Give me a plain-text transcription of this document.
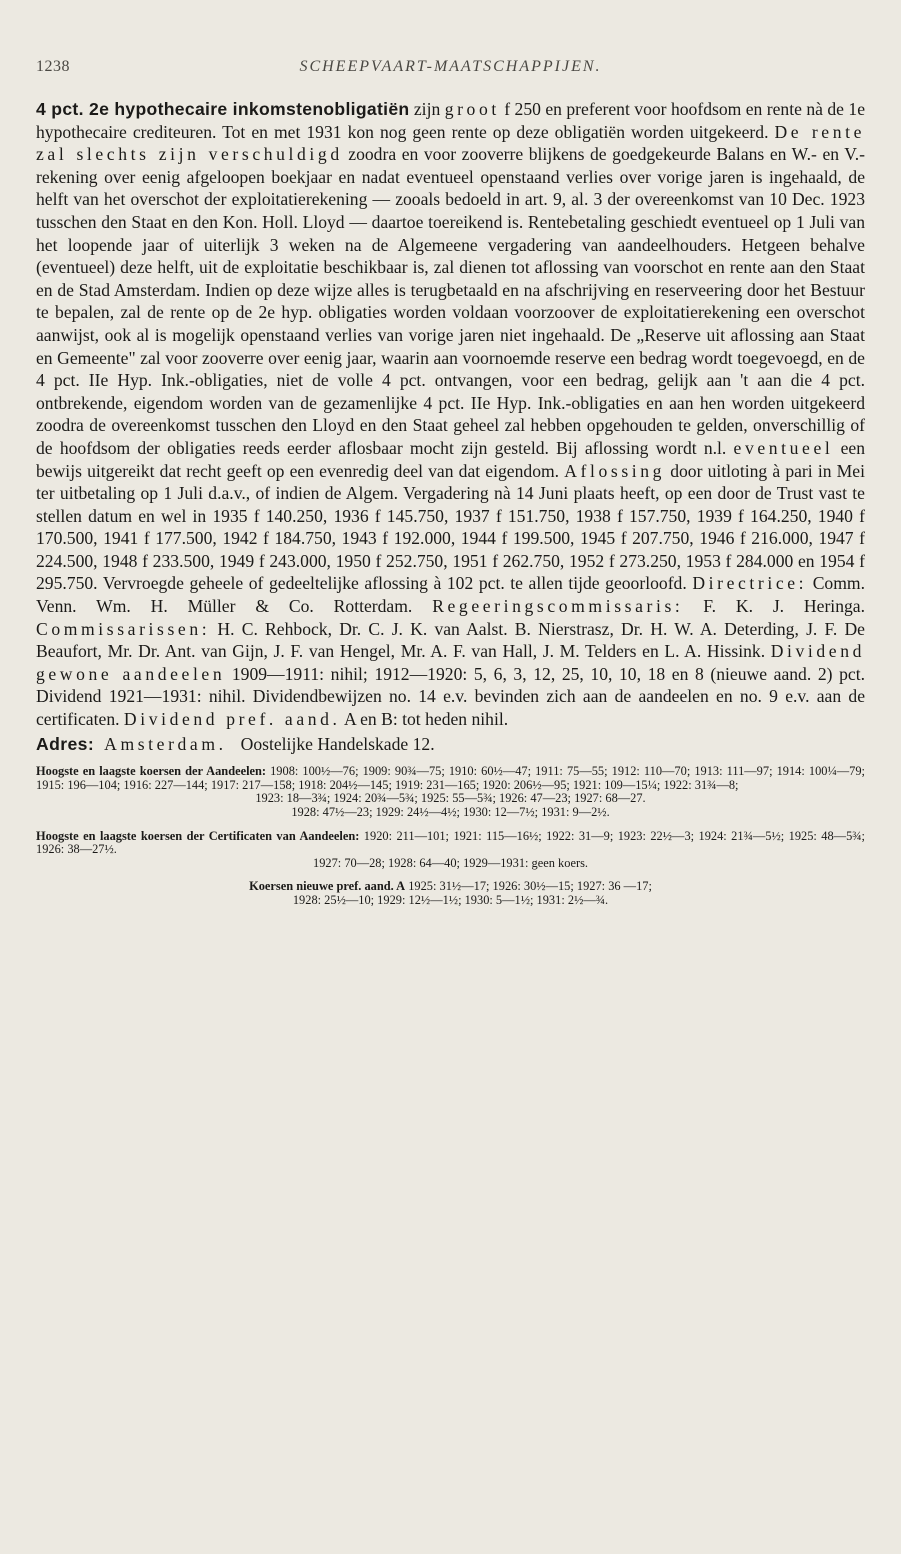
1238	SCHEEPVAART-MAATSCHAPPIJEN.

4 pct. 2e hypothecaire inkomstenobligatiën zijn groot f 250 en preferent voor hoofdsom en rente nà de 1e hypothecaire crediteuren. Tot en met 1931 kon nog geen rente op deze obligatiën worden uitgekeerd. De rente zal slechts zijn verschuldigd zoodra en voor zooverre blijkens de goedgekeurde Balans en W.- en V.-rekening over eenig afgeloopen boekjaar en nadat eventueel openstaand verlies over vorige jaren is ingehaald, de helft van het overschot der exploitatierekening — zooals bedoeld in art. 9, al. 3 der overeenkomst van 10 Dec. 1923 tusschen den Staat en den Kon. Holl. Lloyd — daartoe toereikend is. Rentebetaling geschiedt eventueel op 1 Juli van het loopende jaar of uiterlijk 3 weken na de Algemeene vergadering van aandeelhouders. Hetgeen behalve (eventueel) deze helft, uit de exploitatie beschikbaar is, zal dienen tot aflossing van voorschot en rente aan den Staat en de Stad Amsterdam. Indien op deze wijze alles is terugbetaald en na afschrijving en reserveering door het Bestuur te bepalen, zal de rente op de 2e hyp. obligaties worden voldaan voorzoover de exploitatierekening een overschot aanwijst, ook al is mogelijk openstaand verlies van vorige jaren niet ingehaald. De „Reserve uit aflossing aan Staat en Gemeente" zal voor zooverre over eenig jaar, waarin aan voornoemde reserve een bedrag wordt toegevoegd, en de 4 pct. IIe Hyp. Ink.-obligaties, niet de volle 4 pct. ontvangen, voor een bedrag, gelijk aan 't aan die 4 pct. ontbrekende, eigendom worden van de gezamenlijke 4 pct. IIe Hyp. Ink.-obligaties en aan hen worden uitgekeerd zoodra de overeenkomst tusschen den Lloyd en den Staat geheel zal hebben opgehouden te gelden, onverschillig of de hoofdsom der obligaties reeds eerder aflosbaar mocht zijn gesteld. Bij aflossing wordt n.l. eventueel een bewijs uitgereikt dat recht geeft op een evenredig deel van dat eigendom. Aflossing door uitloting à pari in Mei ter uitbetaling op 1 Juli d.a.v., of indien de Algem. Vergadering nà 14 Juni plaats heeft, op een door de Trust vast te stellen datum en wel in 1935 f 140.250, 1936 f 145.750, 1937 f 151.750, 1938 f 157.750, 1939 f 164.250, 1940 f 170.500, 1941 f 177.500, 1942 f 184.750, 1943 f 192.000, 1944 f 199.500, 1945 f 207.750, 1946 f 216.000, 1947 f 224.500, 1948 f 233.500, 1949 f 243.000, 1950 f 252.750, 1951 f 262.750, 1952 f 273.250, 1953 f 284.000 en 1954 f 295.750. Vervroegde geheele of gedeeltelijke aflossing à 102 pct. te allen tijde geoorloofd. Directrice: Comm. Venn. Wm. H. Müller & Co. Rotterdam. Regeeringscommissaris: F. K. J. Heringa. Commissarissen: H. C. Rehbock, Dr. C. J. K. van Aalst. B. Nierstrasz, Dr. H. W. A. Deterding, J. F. De Beaufort, Mr. Dr. Ant. van Gijn, J. F. van Hengel, Mr. A. F. van Hall, J. M. Telders en L. A. Hissink. Dividend gewone aandeelen 1909—1911: nihil; 1912—1920: 5, 6, 3, 12, 25, 10, 10, 18 en 8 (nieuwe aand. 2) pct. Dividend 1921—1931: nihil. Dividendbewijzen no. 14 e.v. bevinden zich aan de aandeelen en no. 9 e.v. aan de certificaten. Dividend pref. aand. A en B: tot heden nihil.

Adres: Amsterdam. Oostelijke Handelskade 12.

Hoogste en laagste koersen der Aandeelen: 1908: 100½—76; 1909: 90¾—75; 1910: 60½—47; 1911: 75—55; 1912: 110—70; 1913: 111—97; 1914: 100¼—79; 1915: 196—104; 1916: 227—144; 1917: 217—158; 1918: 204½—145; 1919: 231—165; 1920: 206½—95; 1921: 109—15¼; 1922: 31¾—8;

1923: 18—3¾; 1924: 20¾—5¾; 1925: 55—5¾; 1926: 47—23; 1927: 68—27.

1928: 47½—23; 1929: 24½—4½; 1930: 12—7½; 1931: 9—2½.

Hoogste en laagste koersen der Certificaten van Aandeelen: 1920: 211—101; 1921: 115—16½; 1922: 31—9; 1923: 22½—3; 1924: 21¾—5½; 1925: 48—5¾; 1926: 38—27½.

1927: 70—28; 1928: 64—40; 1929—1931: geen koers.

Koersen nieuwe pref. aand. A 1925: 31½—17; 1926: 30½—15; 1927: 36 —17;

1928: 25½—10; 1929: 12½—1½; 1930: 5—1½; 1931: 2½—¾.
